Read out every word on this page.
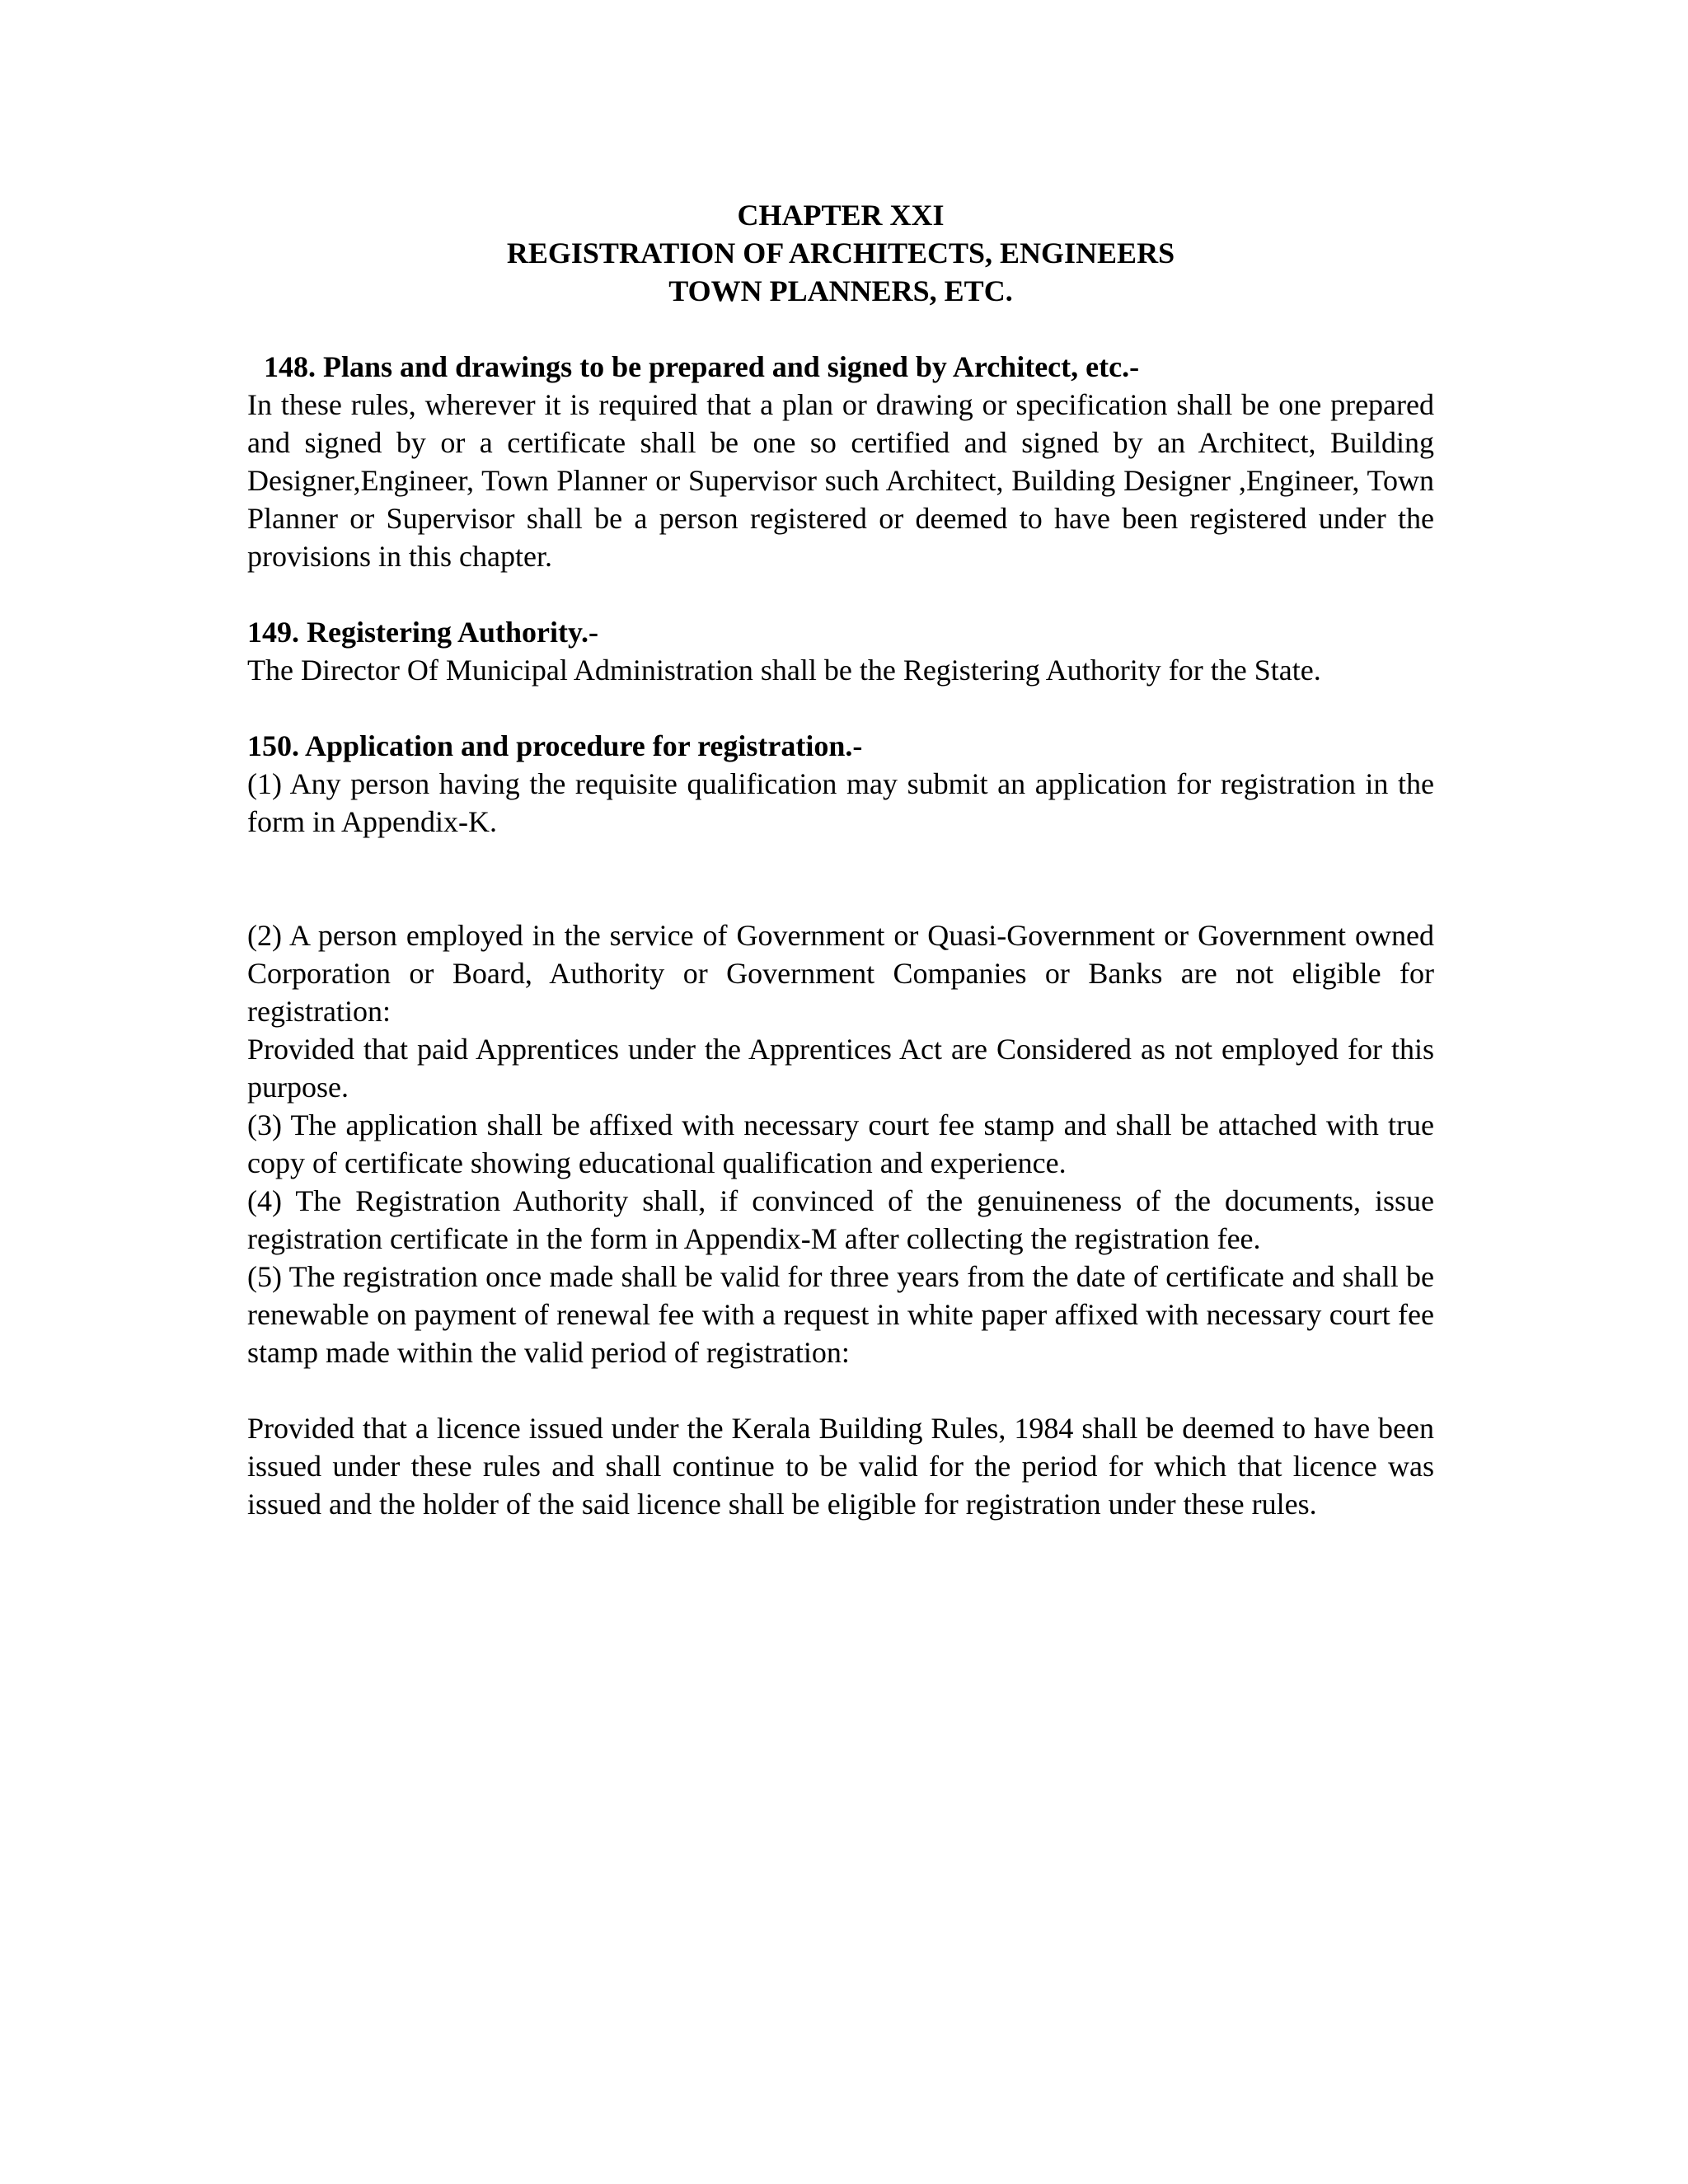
CHAPTER XXI
REGISTRATION OF ARCHITECTS, ENGINEERS
TOWN PLANNERS, ETC.
148. Plans and drawings to be prepared and signed by Architect, etc.-

In these rules, wherever it is required that a plan or drawing or specification shall be one prepared and signed by or a certificate shall be one so certified and signed by an Architect, Building Designer,Engineer, Town Planner or Supervisor such Architect, Building Designer ,Engineer, Town Planner or Supervisor shall be a person registered or deemed to have been registered under the provisions in this chapter.

149. Registering Authority.-

The Director Of Municipal Administration shall be the Registering Authority for the State.

150. Application and procedure for registration.-

(1) Any person having the requisite qualification may submit an application for registration in the form in Appendix-K.

(2) A person employed in the service of Government or Quasi-Government or Government owned Corporation or Board, Authority or Government Companies or Banks are not eligible for registration:

Provided that paid Apprentices under the Apprentices Act are Considered as not employed for this purpose.

(3) The application shall be affixed with necessary court fee stamp and shall be attached with true copy of certificate showing educational qualification and experience.

(4) The Registration Authority shall, if convinced of the genuineness of the documents, issue registration certificate in the form in Appendix-M after collecting the registration fee.

(5) The registration once made shall be valid for three years from the date of certificate and shall be renewable on payment of renewal fee with a request in white paper affixed with necessary court fee stamp made within the valid period of registration:

Provided that a licence issued under the Kerala Building Rules, 1984 shall be deemed to have been issued under these rules and shall continue to be valid for the period for which that licence was issued and the holder of the said licence shall be eligible for registration under these rules.
